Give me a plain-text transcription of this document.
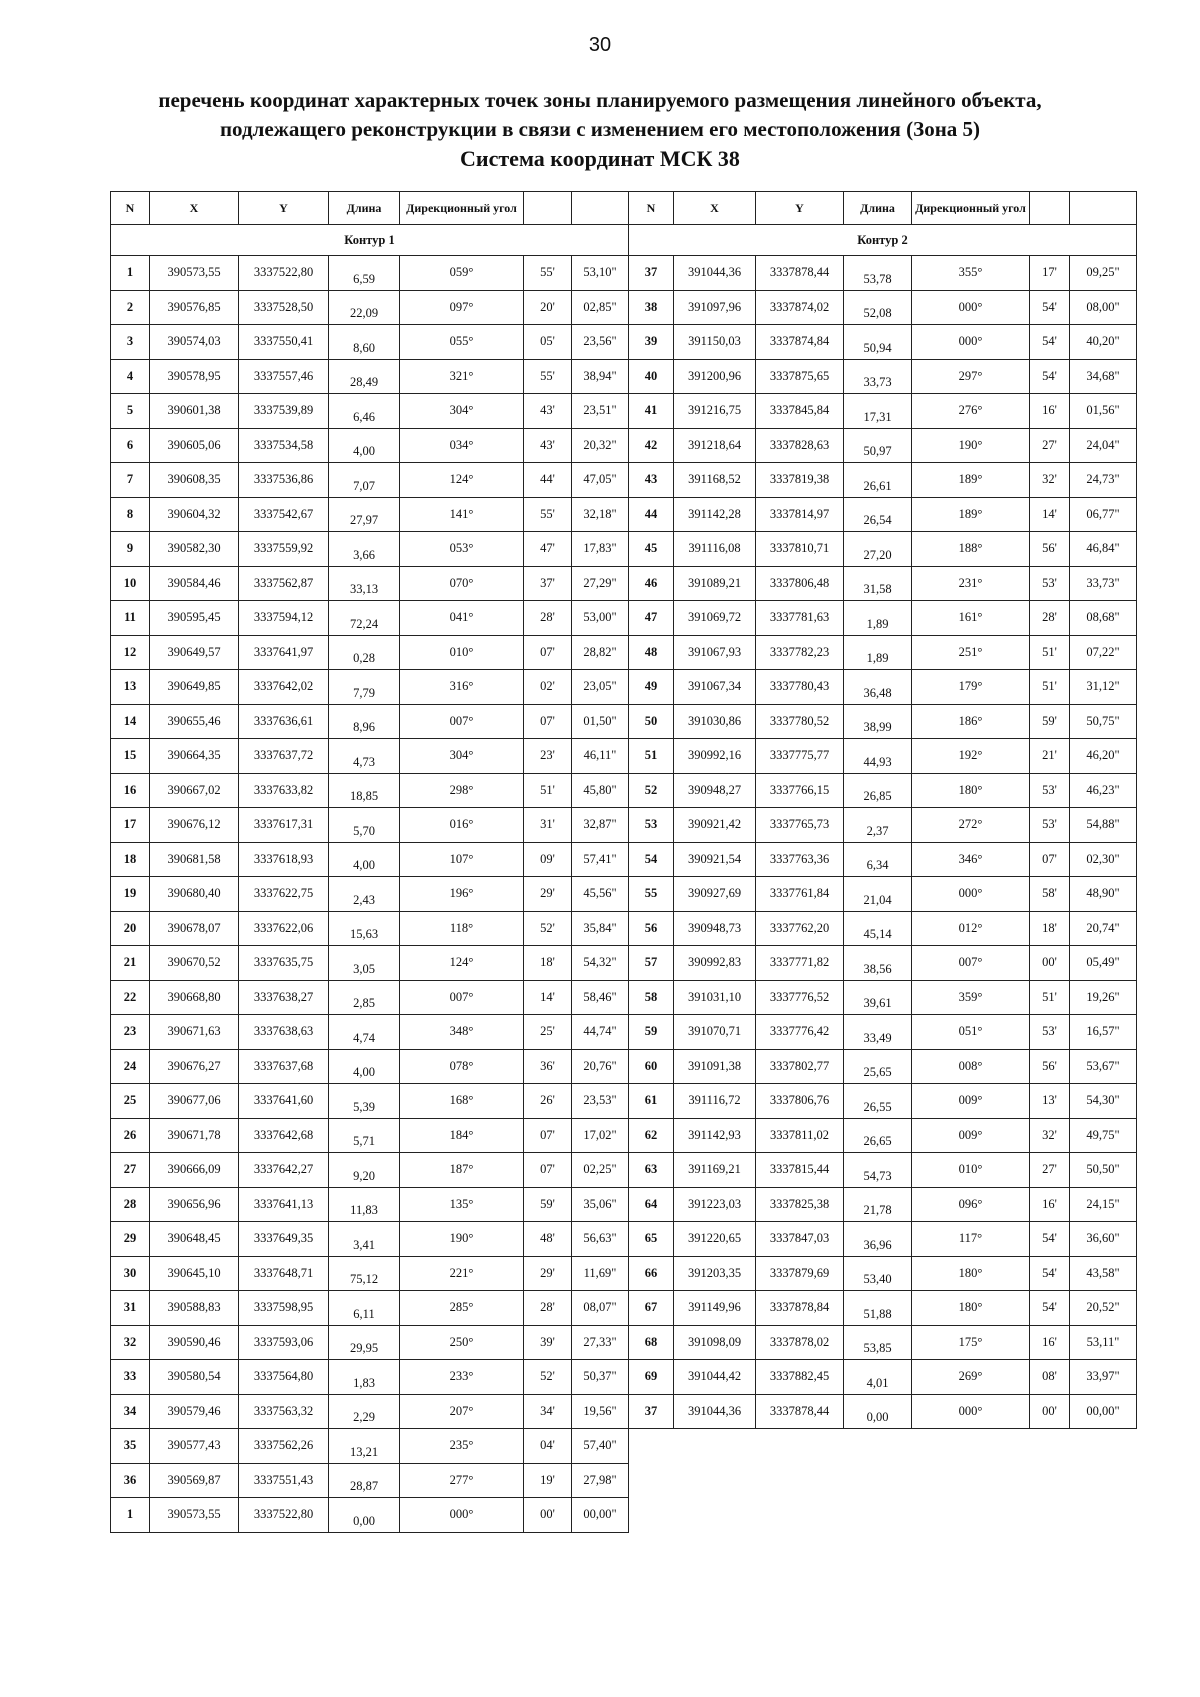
30
перечень координат характерных точек зоны планируемого размещения линейного объекта,
подлежащего реконструкции в связи с изменением его местоположения (Зона 5)
Система координат МСК 38
N	X	Y	Длина	Дирекционный угол		
Контур 1						
1	390573,55	3337522,80	6,59	059°	55'	53,10"
2	390576,85	3337528,50	22,09	097°	20'	02,85"
3	390574,03	3337550,41	8,60	055°	05'	23,56"
4	390578,95	3337557,46	28,49	321°	55'	38,94"
5	390601,38	3337539,89	6,46	304°	43'	23,51"
6	390605,06	3337534,58	4,00	034°	43'	20,32"
7	390608,35	3337536,86	7,07	124°	44'	47,05"
8	390604,32	3337542,67	27,97	141°	55'	32,18"
9	390582,30	3337559,92	3,66	053°	47'	17,83"
10	390584,46	3337562,87	33,13	070°	37'	27,29"
11	390595,45	3337594,12	72,24	041°	28'	53,00"
12	390649,57	3337641,97	0,28	010°	07'	28,82"
13	390649,85	3337642,02	7,79	316°	02'	23,05"
14	390655,46	3337636,61	8,96	007°	07'	01,50"
15	390664,35	3337637,72	4,73	304°	23'	46,11"
16	390667,02	3337633,82	18,85	298°	51'	45,80"
17	390676,12	3337617,31	5,70	016°	31'	32,87"
18	390681,58	3337618,93	4,00	107°	09'	57,41"
19	390680,40	3337622,75	2,43	196°	29'	45,56"
20	390678,07	3337622,06	15,63	118°	52'	35,84"
21	390670,52	3337635,75	3,05	124°	18'	54,32"
22	390668,80	3337638,27	2,85	007°	14'	58,46"
23	390671,63	3337638,63	4,74	348°	25'	44,74"
24	390676,27	3337637,68	4,00	078°	36'	20,76"
25	390677,06	3337641,60	5,39	168°	26'	23,53"
26	390671,78	3337642,68	5,71	184°	07'	17,02"
27	390666,09	3337642,27	9,20	187°	07'	02,25"
28	390656,96	3337641,13	11,83	135°	59'	35,06"
29	390648,45	3337649,35	3,41	190°	48'	56,63"
30	390645,10	3337648,71	75,12	221°	29'	11,69"
31	390588,83	3337598,95	6,11	285°	28'	08,07"
32	390590,46	3337593,06	29,95	250°	39'	27,33"
33	390580,54	3337564,80	1,83	233°	52'	50,37"
34	390579,46	3337563,32	2,29	207°	34'	19,56"
35	390577,43	3337562,26	13,21	235°	04'	57,40"
36	390569,87	3337551,43	28,87	277°	19'	27,98"
1	390573,55	3337522,80	0,00	000°	00'	00,00"
N	X	Y	Длина	Дирекционный угол		
Контур 2						
37	391044,36	3337878,44	53,78	355°	17'	09,25"
38	391097,96	3337874,02	52,08	000°	54'	08,00"
39	391150,03	3337874,84	50,94	000°	54'	40,20"
40	391200,96	3337875,65	33,73	297°	54'	34,68"
41	391216,75	3337845,84	17,31	276°	16'	01,56"
42	391218,64	3337828,63	50,97	190°	27'	24,04"
43	391168,52	3337819,38	26,61	189°	32'	24,73"
44	391142,28	3337814,97	26,54	189°	14'	06,77"
45	391116,08	3337810,71	27,20	188°	56'	46,84"
46	391089,21	3337806,48	31,58	231°	53'	33,73"
47	391069,72	3337781,63	1,89	161°	28'	08,68"
48	391067,93	3337782,23	1,89	251°	51'	07,22"
49	391067,34	3337780,43	36,48	179°	51'	31,12"
50	391030,86	3337780,52	38,99	186°	59'	50,75"
51	390992,16	3337775,77	44,93	192°	21'	46,20"
52	390948,27	3337766,15	26,85	180°	53'	46,23"
53	390921,42	3337765,73	2,37	272°	53'	54,88"
54	390921,54	3337763,36	6,34	346°	07'	02,30"
55	390927,69	3337761,84	21,04	000°	58'	48,90"
56	390948,73	3337762,20	45,14	012°	18'	20,74"
57	390992,83	3337771,82	38,56	007°	00'	05,49"
58	391031,10	3337776,52	39,61	359°	51'	19,26"
59	391070,71	3337776,42	33,49	051°	53'	16,57"
60	391091,38	3337802,77	25,65	008°	56'	53,67"
61	391116,72	3337806,76	26,55	009°	13'	54,30"
62	391142,93	3337811,02	26,65	009°	32'	49,75"
63	391169,21	3337815,44	54,73	010°	27'	50,50"
64	391223,03	3337825,38	21,78	096°	16'	24,15"
65	391220,65	3337847,03	36,96	117°	54'	36,60"
66	391203,35	3337879,69	53,40	180°	54'	43,58"
67	391149,96	3337878,84	51,88	180°	54'	20,52"
68	391098,09	3337878,02	53,85	175°	16'	53,11"
69	391044,42	3337882,45	4,01	269°	08'	33,97"
37	391044,36	3337878,44	0,00	000°	00'	00,00"
